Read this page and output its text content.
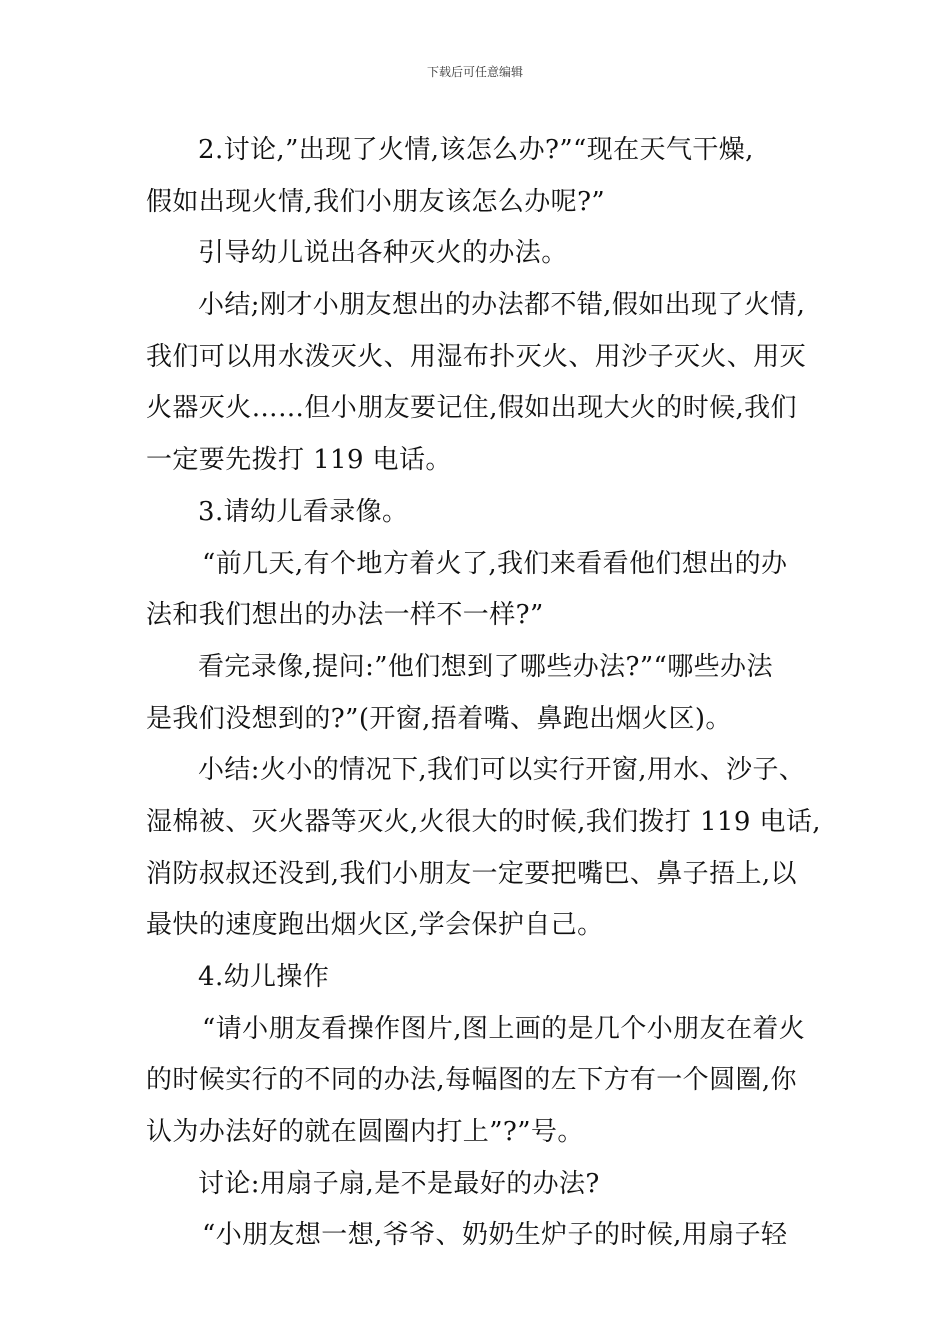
下载后可任意编辑
2.讨论,”出现了火情,该怎么办?”“现在天气干燥,
假如出现火情,我们小朋友该怎么办呢?”
引导幼儿说出各种灭火的办法。
小结;刚才小朋友想出的办法都不错,假如出现了火情,
我们可以用水泼灭火、用湿布扑灭火、用沙子灭火、用灭
火器灭火……但小朋友要记住,假如出现大火的时候,我们
一定要先拨打 119 电话。
3.请幼儿看录像。
“前几天,有个地方着火了,我们来看看他们想出的办
法和我们想出的办法一样不一样?”
看完录像,提问:”他们想到了哪些办法?”“哪些办法
是我们没想到的?”(开窗,捂着嘴、鼻跑出烟火区)。
小结:火小的情况下,我们可以实行开窗,用水、沙子、
湿棉被、灭火器等灭火,火很大的时候,我们拨打 119 电话,
消防叔叔还没到,我们小朋友一定要把嘴巴、鼻子捂上,以
最快的速度跑出烟火区,学会保护自己。
4.幼儿操作
“请小朋友看操作图片,图上画的是几个小朋友在着火
的时候实行的不同的办法,每幅图的左下方有一个圆圈,你
认为办法好的就在圆圈内打上”?”号。
讨论:用扇子扇,是不是最好的办法?
“小朋友想一想,爷爷、奶奶生炉子的时候,用扇子轻
